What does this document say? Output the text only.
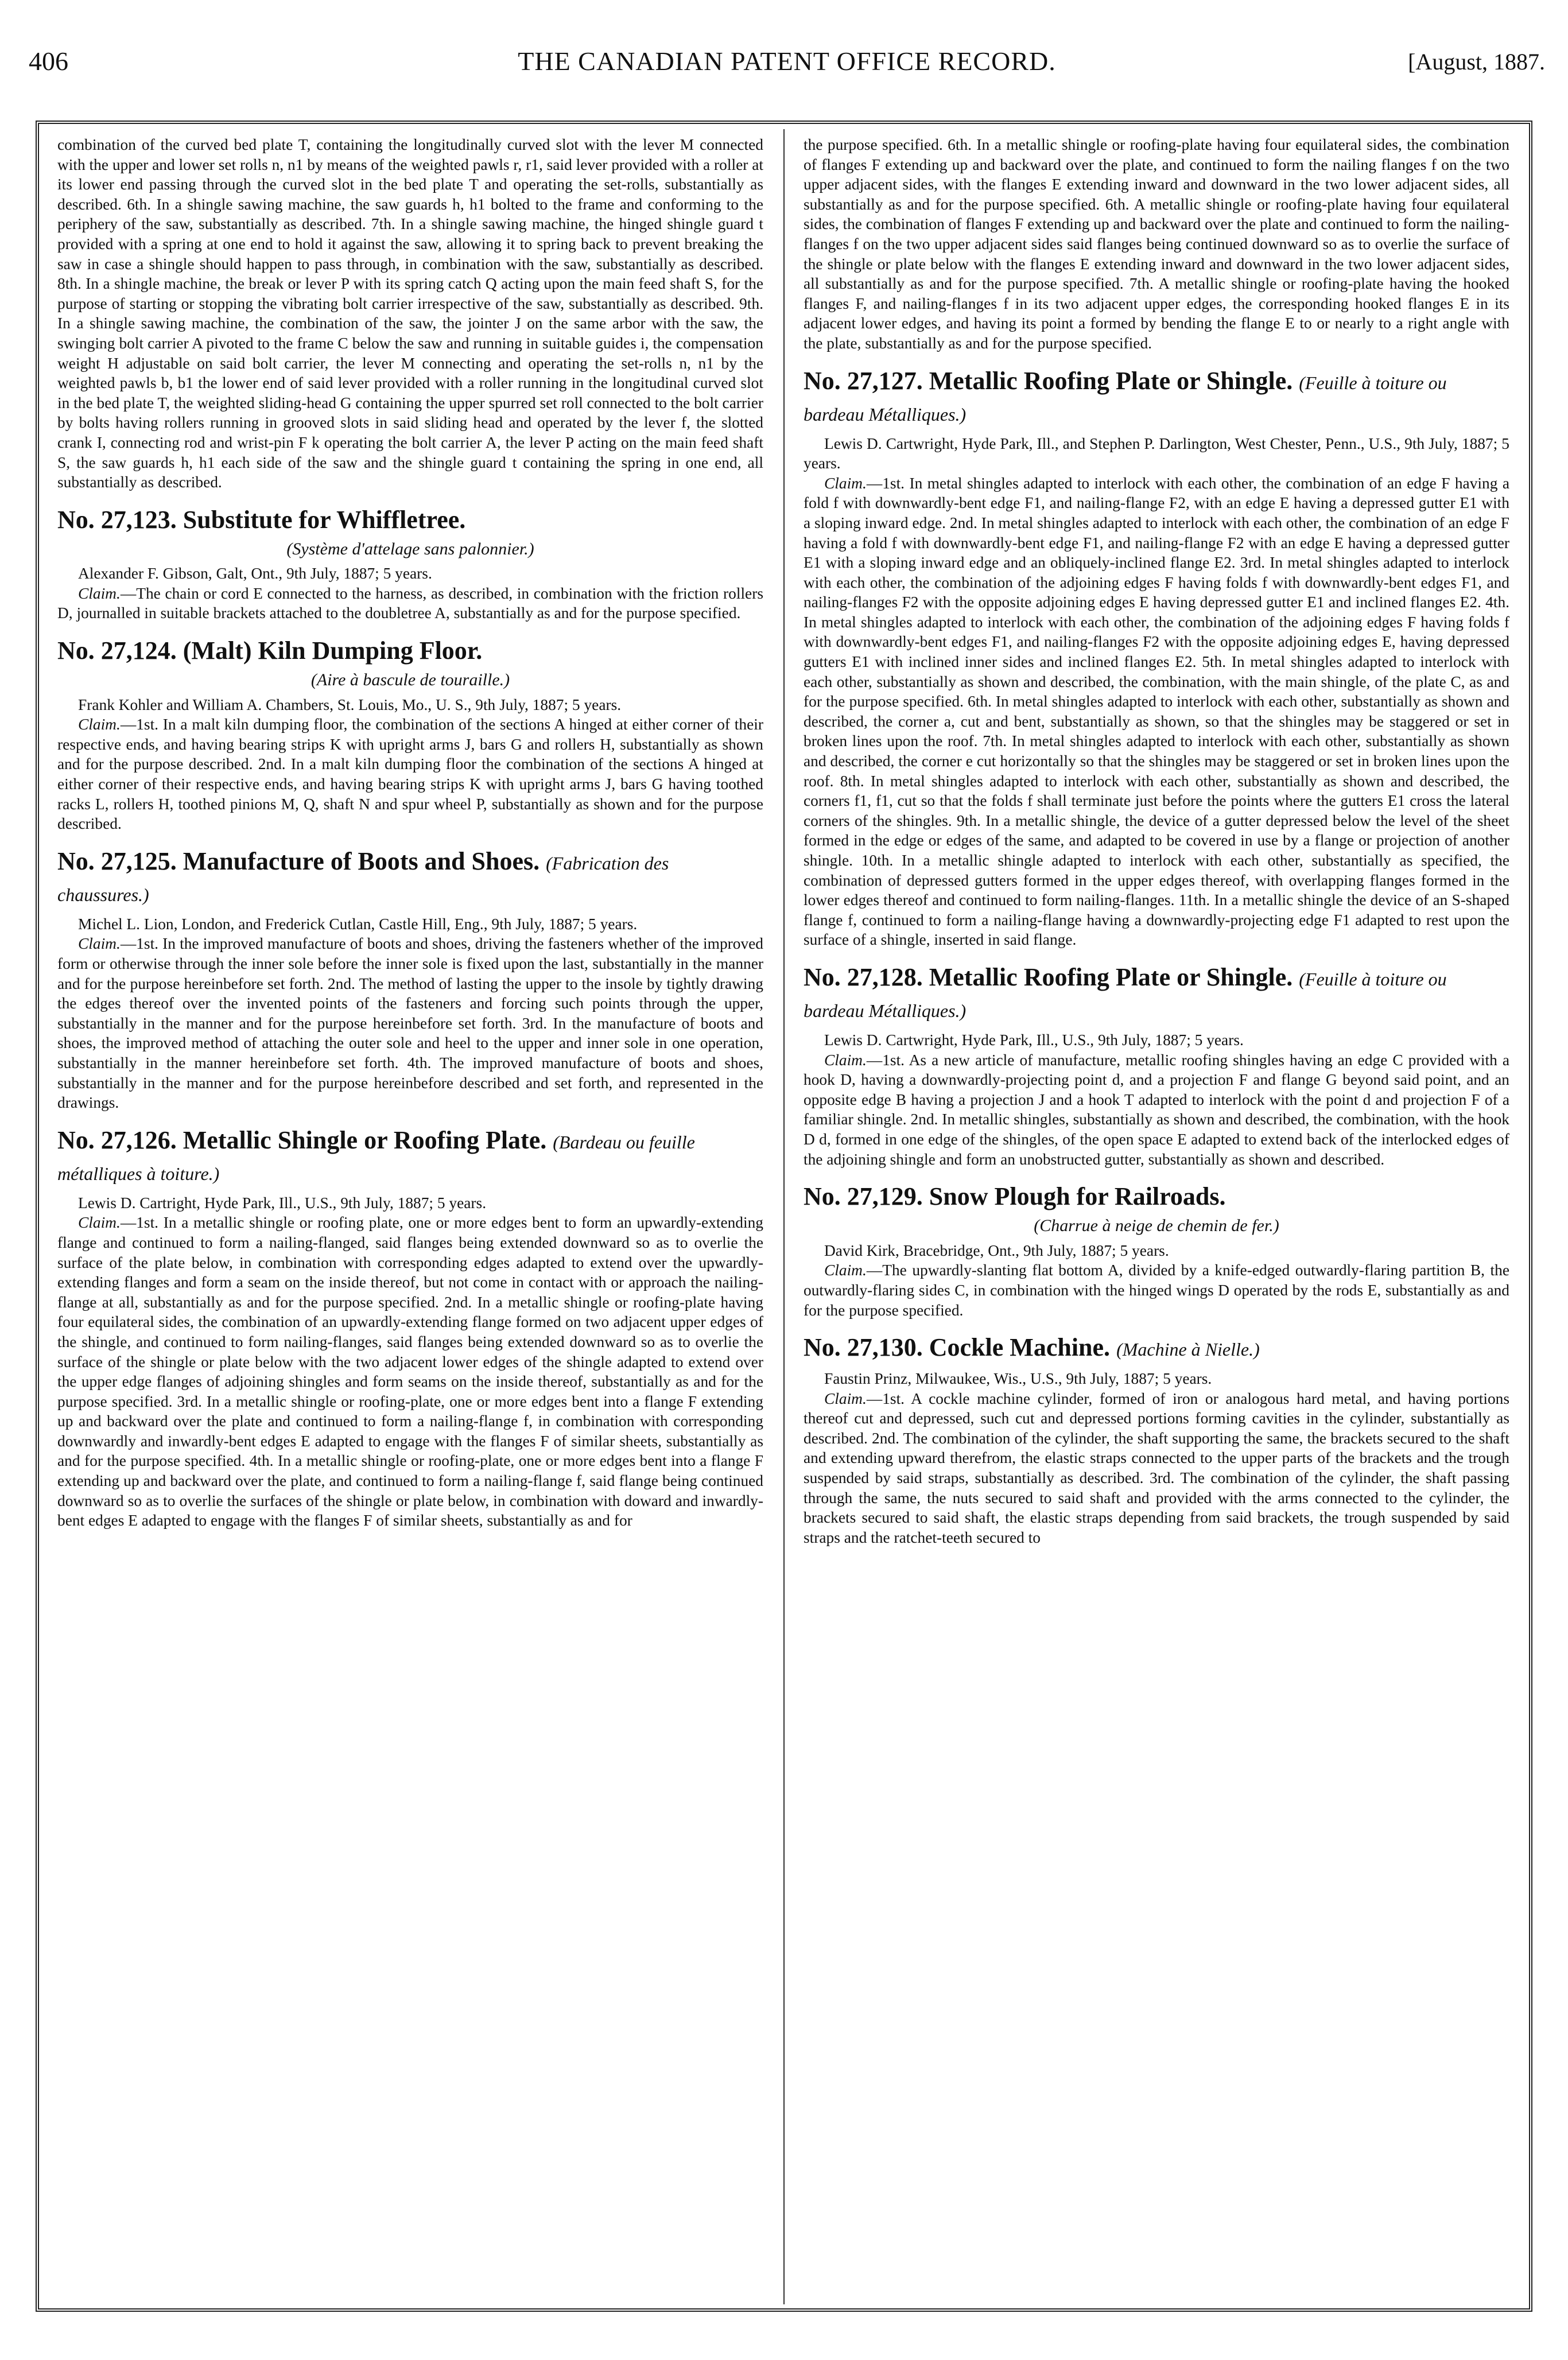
406	THE CANADIAN PATENT OFFICE RECORD.	[August, 1887.

combination of the curved bed plate T, containing the longitudinally curved slot with the lever M connected with the upper and lower set rolls n, n1 by means of the weighted pawls r, r1, said lever provided with a roller at its lower end passing through the curved slot in the bed plate T and operating the set-rolls, substantially as described. 6th. In a shingle sawing machine, the saw guards h, h1 bolted to the frame and conforming to the periphery of the saw, substantially as described. 7th. In a shingle sawing machine, the hinged shingle guard t provided with a spring at one end to hold it against the saw, allowing it to spring back to prevent breaking the saw in case a shingle should happen to pass through, in combination with the saw, substantially as described. 8th. In a shingle machine, the break or lever P with its spring catch Q acting upon the main feed shaft S, for the purpose of starting or stopping the vibrating bolt carrier irrespective of the saw, substantially as described. 9th. In a shingle sawing machine, the combination of the saw, the jointer J on the same arbor with the saw, the swinging bolt carrier A pivoted to the frame C below the saw and running in suitable guides i, the compensation weight H adjustable on said bolt carrier, the lever M connecting and operating the set-rolls n, n1 by the weighted pawls b, b1 the lower end of said lever provided with a roller running in the longitudinal curved slot in the bed plate T, the weighted sliding-head G containing the upper spurred set roll connected to the bolt carrier by bolts having rollers running in grooved slots in said sliding head and operated by the lever f, the slotted crank I, connecting rod and wrist-pin F k operating the bolt carrier A, the lever P acting on the main feed shaft S, the saw guards h, h1 each side of the saw and the shingle guard t containing the spring in one end, all substantially as described.

No. 27,123. Substitute for Whiffletree.
(Système d'attelage sans palonnier.)

Alexander F. Gibson, Galt, Ont., 9th July, 1887; 5 years.

Claim.—The chain or cord E connected to the harness, as described, in combination with the friction rollers D, journalled in suitable brackets attached to the doubletree A, substantially as and for the purpose specified.

No. 27,124. (Malt) Kiln Dumping Floor.
(Aire à bascule de touraille.)

Frank Kohler and William A. Chambers, St. Louis, Mo., U. S., 9th July, 1887; 5 years.

Claim.—1st. In a malt kiln dumping floor, the combination of the sections A hinged at either corner of their respective ends, and having bearing strips K with upright arms J, bars G and rollers H, substantially as shown and for the purpose described. 2nd. In a malt kiln dumping floor the combination of the sections A hinged at either corner of their respective ends, and having bearing strips K with upright arms J, bars G having toothed racks L, rollers H, toothed pinions M, Q, shaft N and spur wheel P, substantially as shown and for the purpose described.

No. 27,125. Manufacture of Boots and Shoes. (Fabrication des chaussures.)

Michel L. Lion, London, and Frederick Cutlan, Castle Hill, Eng., 9th July, 1887; 5 years.

Claim.—1st. In the improved manufacture of boots and shoes, driving the fasteners whether of the improved form or otherwise through the inner sole before the inner sole is fixed upon the last, substantially in the manner and for the purpose hereinbefore set forth. 2nd. The method of lasting the upper to the insole by tightly drawing the edges thereof over the invented points of the fasteners and forcing such points through the upper, substantially in the manner and for the purpose hereinbefore set forth. 3rd. In the manufacture of boots and shoes, the improved method of attaching the outer sole and heel to the upper and inner sole in one operation, substantially in the manner hereinbefore set forth. 4th. The improved manufacture of boots and shoes, substantially in the manner and for the purpose hereinbefore described and set forth, and represented in the drawings.

No. 27,126. Metallic Shingle or Roofing Plate. (Bardeau ou feuille métalliques à toiture.)

Lewis D. Cartright, Hyde Park, Ill., U.S., 9th July, 1887; 5 years.

Claim.—1st. In a metallic shingle or roofing plate, one or more edges bent to form an upwardly-extending flange and continued to form a nailing-flanged, said flanges being extended downward so as to overlie the surface of the plate below, in combination with corresponding edges adapted to extend over the upwardly-extending flanges and form a seam on the inside thereof, but not come in contact with or approach the nailing-flange at all, substantially as and for the purpose specified. 2nd. In a metallic shingle or roofing-plate having four equilateral sides, the combination of an upwardly-extending flange formed on two adjacent upper edges of the shingle, and continued to form nailing-flanges, said flanges being extended downward so as to overlie the surface of the shingle or plate below with the two adjacent lower edges of the shingle adapted to extend over the upper edge flanges of adjoining shingles and form seams on the inside thereof, substantially as and for the purpose specified. 3rd. In a metallic shingle or roofing-plate, one or more edges bent into a flange F extending up and backward over the plate and continued to form a nailing-flange f, in combination with corresponding downwardly and inwardly-bent edges E adapted to engage with the flanges F of similar sheets, substantially as and for the purpose specified. 4th. In a metallic shingle or roofing-plate, one or more edges bent into a flange F extending up and backward over the plate, and continued to form a nailing-flange f, said flange being continued downward so as to overlie the surfaces of the shingle or plate below, in combination with doward and inwardly-bent edges E adapted to engage with the flanges F of similar sheets, substantially as and for

the purpose specified. 6th. In a metallic shingle or roofing-plate having four equilateral sides, the combination of flanges F extending up and backward over the plate, and continued to form the nailing flanges f on the two upper adjacent sides, with the flanges E extending inward and downward in the two lower adjacent sides, all substantially as and for the purpose specified. 6th. A metallic shingle or roofing-plate having four equilateral sides, the combination of flanges F extending up and backward over the plate and continued to form the nailing-flanges f on the two upper adjacent sides said flanges being continued downward so as to overlie the surface of the shingle or plate below with the flanges E extending inward and downward in the two lower adjacent sides, all substantially as and for the purpose specified. 7th. A metallic shingle or roofing-plate having the hooked flanges F, and nailing-flanges f in its two adjacent upper edges, the corresponding hooked flanges E in its adjacent lower edges, and having its point a formed by bending the flange E to or nearly to a right angle with the plate, substantially as and for the purpose specified.

No. 27,127. Metallic Roofing Plate or Shingle. (Feuille à toiture ou bardeau Métalliques.)

Lewis D. Cartwright, Hyde Park, Ill., and Stephen P. Darlington, West Chester, Penn., U.S., 9th July, 1887; 5 years.

Claim.—1st. In metal shingles adapted to interlock with each other, the combination of an edge F having a fold f with downwardly-bent edge F1, and nailing-flange F2, with an edge E having a depressed gutter E1 with a sloping inward edge. 2nd. In metal shingles adapted to interlock with each other, the combination of an edge F having a fold f with downwardly-bent edge F1, and nailing-flange F2 with an edge E having a depressed gutter E1 with a sloping inward edge and an obliquely-inclined flange E2. 3rd. In metal shingles adapted to interlock with each other, the combination of the adjoining edges F having folds f with downwardly-bent edges F1, and nailing-flanges F2 with the opposite adjoining edges E having depressed gutter E1 and inclined flanges E2. 4th. In metal shingles adapted to interlock with each other, the combination of the adjoining edges F having folds f with downwardly-bent edges F1, and nailing-flanges F2 with the opposite adjoining edges E, having depressed gutters E1 with inclined inner sides and inclined flanges E2. 5th. In metal shingles adapted to interlock with each other, substantially as shown and described, the combination, with the main shingle, of the plate C, as and for the purpose specified. 6th. In metal shingles adapted to interlock with each other, substantially as shown and described, the corner a, cut and bent, substantially as shown, so that the shingles may be staggered or set in broken lines upon the roof. 7th. In metal shingles adapted to interlock with each other, substantially as shown and described, the corner e cut horizontally so that the shingles may be staggered or set in broken lines upon the roof. 8th. In metal shingles adapted to interlock with each other, substantially as shown and described, the corners f1, f1, cut so that the folds f shall terminate just before the points where the gutters E1 cross the lateral corners of the shingles. 9th. In a metallic shingle, the device of a gutter depressed below the level of the sheet formed in the edge or edges of the same, and adapted to be covered in use by a flange or projection of another shingle. 10th. In a metallic shingle adapted to interlock with each other, substantially as specified, the combination of depressed gutters formed in the upper edges thereof, with overlapping flanges formed in the lower edges thereof and continued to form nailing-flanges. 11th. In a metallic shingle the device of an S-shaped flange f, continued to form a nailing-flange having a downwardly-projecting edge F1 adapted to rest upon the surface of a shingle, inserted in said flange.

No. 27,128. Metallic Roofing Plate or Shingle. (Feuille à toiture ou bardeau Métalliques.)

Lewis D. Cartwright, Hyde Park, Ill., U.S., 9th July, 1887; 5 years.

Claim.—1st. As a new article of manufacture, metallic roofing shingles having an edge C provided with a hook D, having a downwardly-projecting point d, and a projection F and flange G beyond said point, and an opposite edge B having a projection J and a hook T adapted to interlock with the point d and projection F of a familiar shingle. 2nd. In metallic shingles, substantially as shown and described, the combination, with the hook D d, formed in one edge of the shingles, of the open space E adapted to extend back of the interlocked edges of the adjoining shingle and form an unobstructed gutter, substantially as shown and described.

No. 27,129. Snow Plough for Railroads.
(Charrue à neige de chemin de fer.)

David Kirk, Bracebridge, Ont., 9th July, 1887; 5 years.

Claim.—The upwardly-slanting flat bottom A, divided by a knife-edged outwardly-flaring partition B, the outwardly-flaring sides C, in combination with the hinged wings D operated by the rods E, substantially as and for the purpose specified.

No. 27,130. Cockle Machine. (Machine à Nielle.)

Faustin Prinz, Milwaukee, Wis., U.S., 9th July, 1887; 5 years.

Claim.—1st. A cockle machine cylinder, formed of iron or analogous hard metal, and having portions thereof cut and depressed, such cut and depressed portions forming cavities in the cylinder, substantially as described. 2nd. The combination of the cylinder, the shaft supporting the same, the brackets secured to the shaft and extending upward therefrom, the elastic straps connected to the upper parts of the brackets and the trough suspended by said straps, substantially as described. 3rd. The combination of the cylinder, the shaft passing through the same, the nuts secured to said shaft and provided with the arms connected to the cylinder, the brackets secured to said shaft, the elastic straps depending from said brackets, the trough suspended by said straps and the ratchet-teeth secured to
